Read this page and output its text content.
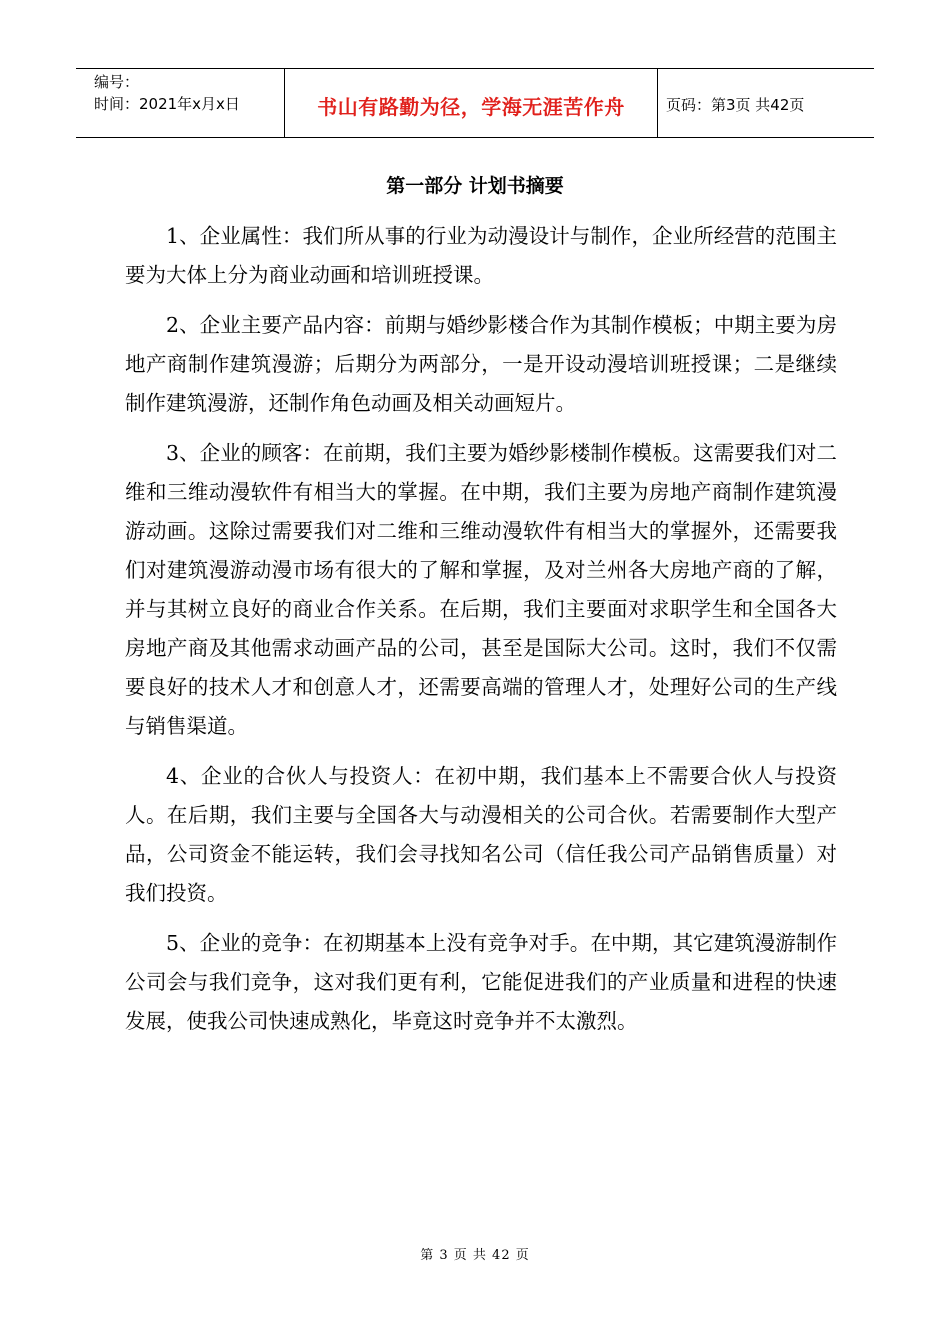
编号：
时间：2021年x月x日	书山有路勤为径，学海无涯苦作舟	页码：第3页 共42页
第一部分 计划书摘要

1、企业属性：我们所从事的行业为动漫设计与制作，企业所经营的范围主要为大体上分为商业动画和培训班授课。

2、企业主要产品内容：前期与婚纱影楼合作为其制作模板；中期主要为房地产商制作建筑漫游；后期分为两部分，一是开设动漫培训班授课；二是继续制作建筑漫游，还制作角色动画及相关动画短片。

3、企业的顾客：在前期，我们主要为婚纱影楼制作模板。这需要我们对二维和三维动漫软件有相当大的掌握。在中期，我们主要为房地产商制作建筑漫游动画。这除过需要我们对二维和三维动漫软件有相当大的掌握外，还需要我们对建筑漫游动漫市场有很大的了解和掌握，及对兰州各大房地产商的了解，并与其树立良好的商业合作关系。在后期，我们主要面对求职学生和全国各大房地产商及其他需求动画产品的公司，甚至是国际大公司。这时，我们不仅需要良好的技术人才和创意人才，还需要高端的管理人才，处理好公司的生产线与销售渠道。

4、企业的合伙人与投资人：在初中期，我们基本上不需要合伙人与投资人。在后期，我们主要与全国各大与动漫相关的公司合伙。若需要制作大型产品，公司资金不能运转，我们会寻找知名公司（信任我公司产品销售质量）对我们投资。

5、企业的竞争：在初期基本上没有竞争对手。在中期，其它建筑漫游制作公司会与我们竞争，这对我们更有利，它能促进我们的产业质量和进程的快速发展，使我公司快速成熟化，毕竟这时竞争并不太激烈。

第 3 页 共 42 页
